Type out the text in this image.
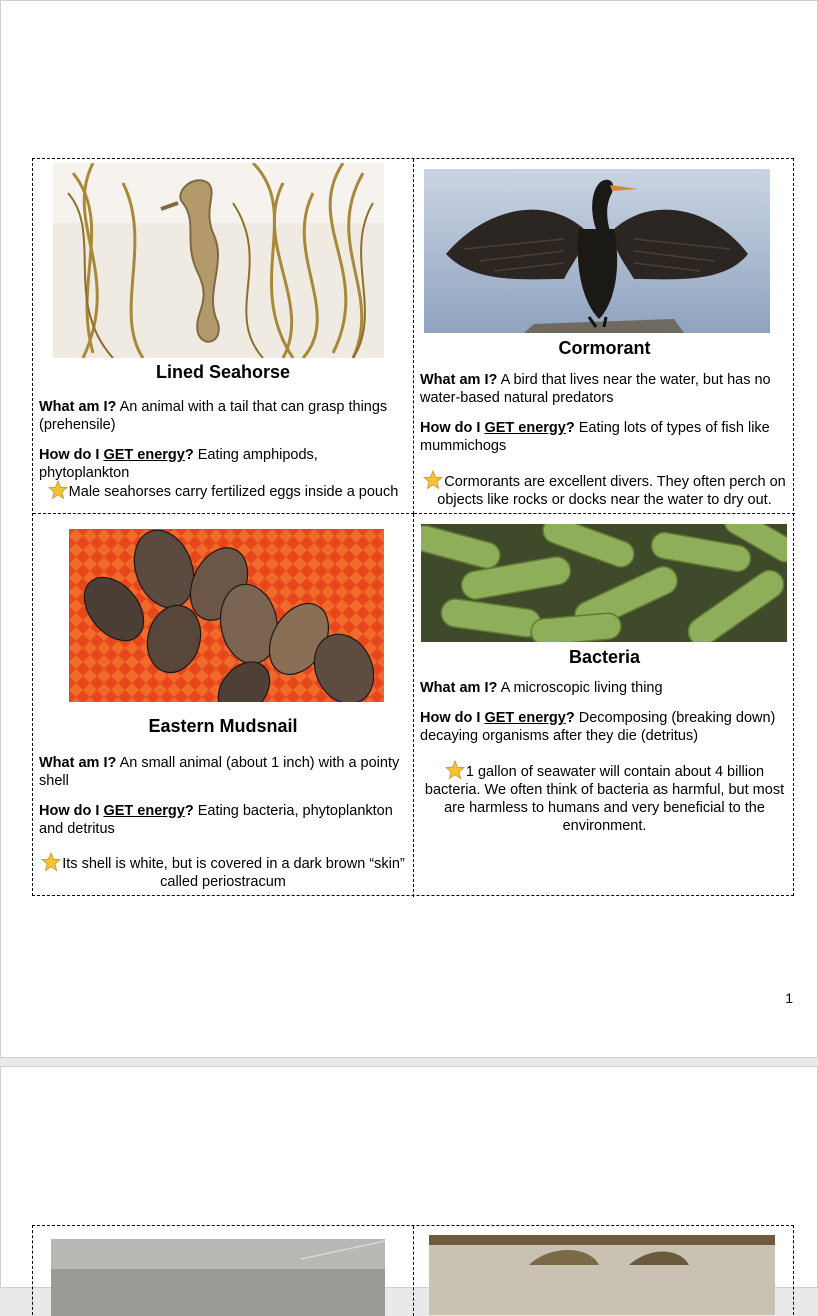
Lined Seahorse
What am I? An animal with a tail that can grasp things (prehensile)
How do I GET energy? Eating amphipods, phytoplankton
Male seahorses carry fertilized eggs inside a pouch
Cormorant
What am I? A bird that lives near the water, but has no water-based natural predators
How do I GET energy? Eating lots of types of fish like mummichogs
Cormorants are excellent divers. They often perch on objects like rocks or docks near the water to dry out.
Eastern Mudsnail
What am I? An small animal (about 1 inch) with a pointy shell
How do I GET energy? Eating bacteria, phytoplankton and detritus
Its shell is white, but is covered in a dark brown “skin” called periostracum
Bacteria
What am I? A microscopic living thing
How do I GET energy? Decomposing (breaking down) decaying organisms after they die (detritus)
1 gallon of seawater will contain about 4 billion bacteria. We often think of bacteria as harmful, but most are harmless to humans and very beneficial to the environment.
1
